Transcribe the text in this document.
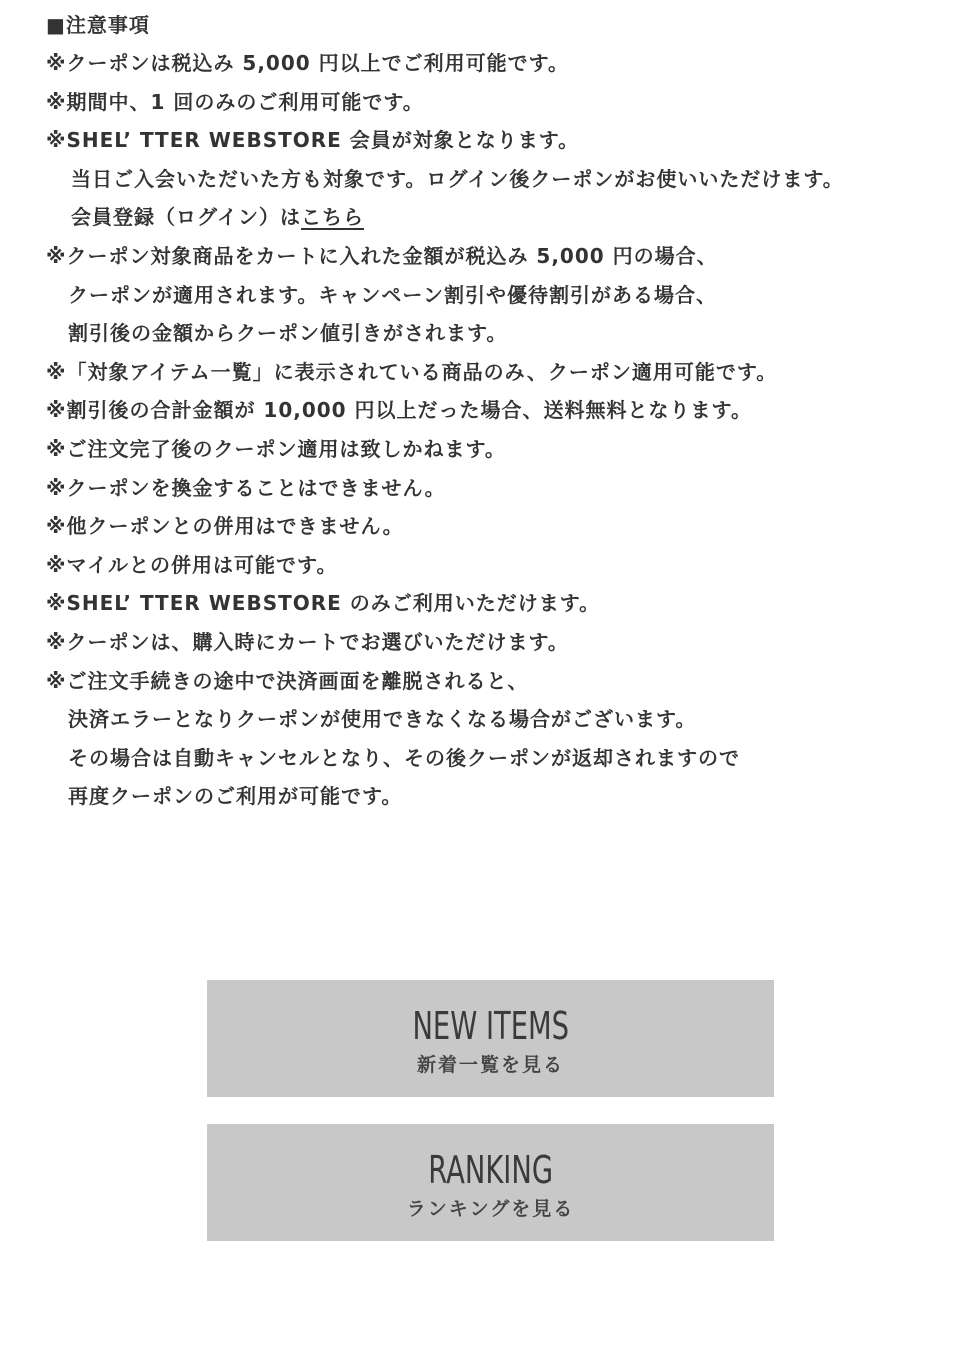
■注意事項
※クーポンは税込み 5,000 円以上でご利用可能です。
※期間中、1 回のみのご利用可能です。
※SHEL’ TTER WEBSTORE 会員が対象となります。
当日ご入会いただいた方も対象です。ログイン後クーポンがお使いいただけます。
会員登録（ログイン）はこちら
※クーポン対象商品をカートに入れた金額が税込み 5,000 円の場合、
クーポンが適用されます。キャンペーン割引や優待割引がある場合、
割引後の金額からクーポン値引きがされます。
※「対象アイテム一覧」に表示されている商品のみ、クーポン適用可能です。
※割引後の合計金額が 10,000 円以上だった場合、送料無料となります。
※ご注文完了後のクーポン適用は致しかねます。
※クーポンを換金することはできません。
※他クーポンとの併用はできません。
※マイルとの併用は可能です。
※SHEL’ TTER WEBSTORE のみご利用いただけます。
※クーポンは、購入時にカートでお選びいただけます。
※ご注文手続きの途中で決済画面を離脱されると、
決済エラーとなりクーポンが使用できなくなる場合がございます。
その場合は自動キャンセルとなり、その後クーポンが返却されますので
再度クーポンのご利用が可能です。
NEW ITEMS
新着一覧を見る
RANKING
ランキングを見る
